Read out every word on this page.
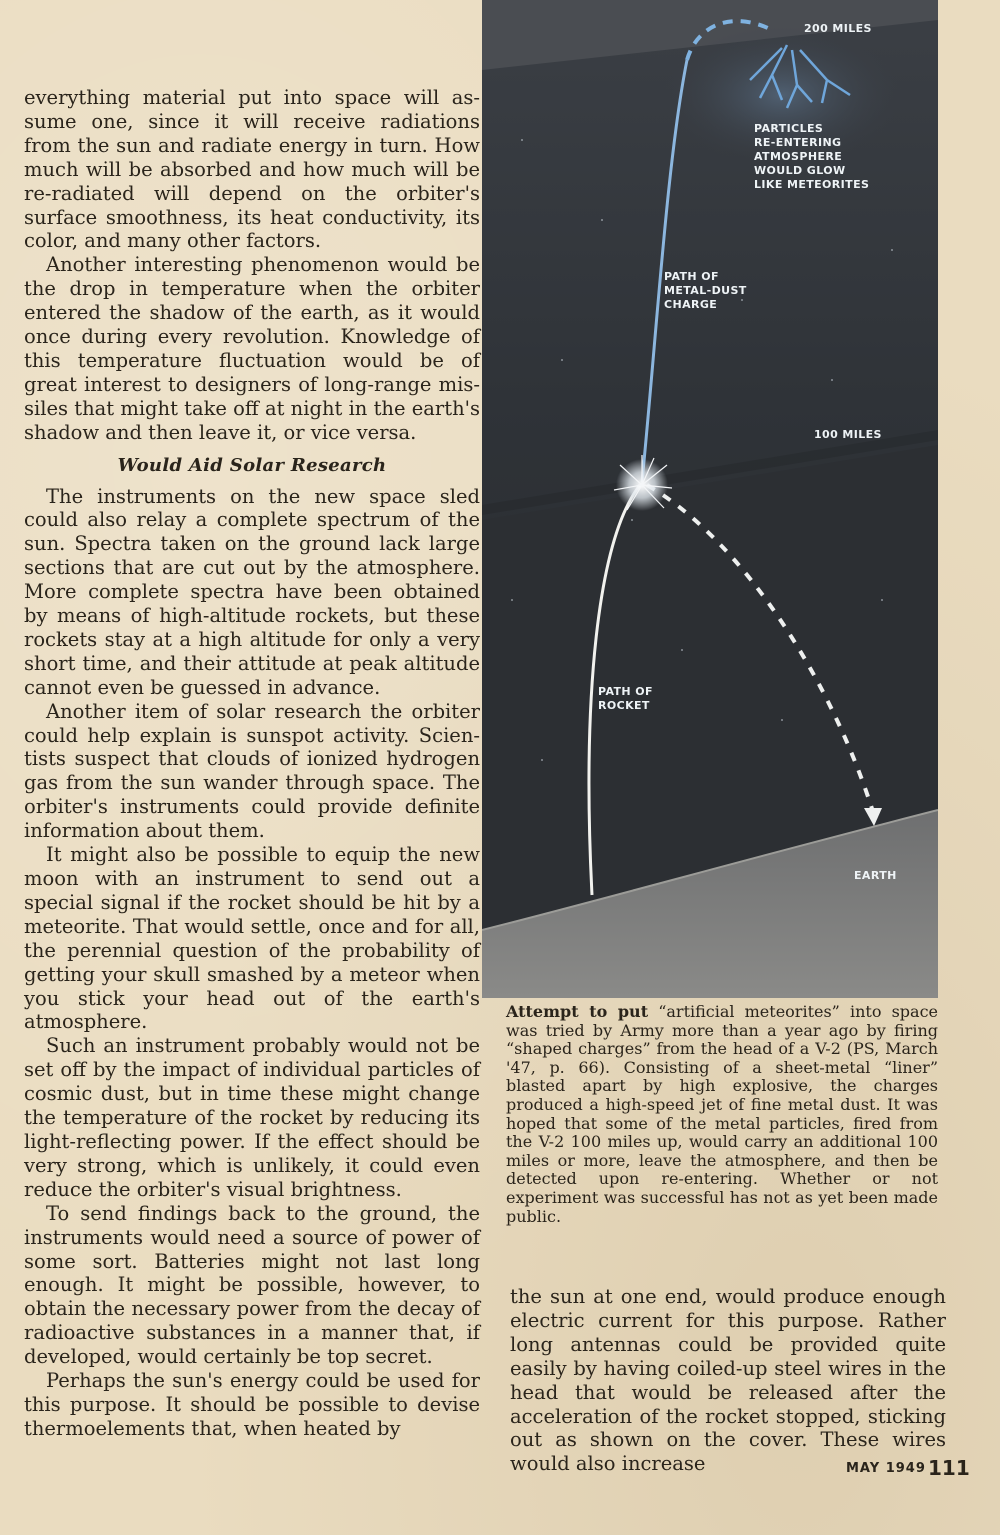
everything material put into space will assume one, since it will receive radiations from the sun and radiate energy in turn. How much will be absorbed and how much will be re-radiated will depend on the orbiter's surface smoothness, its heat conductivity, its color, and many other factors.

Another interesting phenomenon would be the drop in temperature when the orbiter entered the shadow of the earth, as it would once during every revolution. Knowledge of this temperature fluctuation would be of great interest to designers of long-range missiles that might take off at night in the earth's shadow and then leave it, or vice versa.

Would Aid Solar Research

The instruments on the new space sled could also relay a complete spectrum of the sun. Spectra taken on the ground lack large sections that are cut out by the atmosphere. More complete spectra have been obtained by means of high-altitude rockets, but these rockets stay at a high altitude for only a very short time, and their attitude at peak altitude cannot even be guessed in advance.

Another item of solar research the orbiter could help explain is sunspot activity. Scientists suspect that clouds of ionized hydrogen gas from the sun wander through space. The orbiter's instruments could provide definite information about them.

It might also be possible to equip the new moon with an instrument to send out a special signal if the rocket should be hit by a meteorite. That would settle, once and for all, the perennial question of the probability of getting your skull smashed by a meteor when you stick your head out of the earth's atmosphere.

Such an instrument probably would not be set off by the impact of individual particles of cosmic dust, but in time these might change the temperature of the rocket by reducing its light-reflecting power. If the effect should be very strong, which is unlikely, it could even reduce the orbiter's visual brightness.

To send findings back to the ground, the instruments would need a source of power of some sort. Batteries might not last long enough. It might be possible, however, to obtain the necessary power from the decay of radioactive substances in a manner that, if developed, would certainly be top secret.

Perhaps the sun's energy could be used for this purpose. It should be possible to devise thermoelements that, when heated by

200 MILES
PARTICLES
RE-ENTERING
ATMOSPHERE
WOULD GLOW
LIKE METEORITES
PATH OF
METAL-DUST
CHARGE
100 MILES
PATH OF
ROCKET
EARTH
Attempt to put “artificial meteorites” into space was tried by Army more than a year ago by firing “shaped charges” from the head of a V-2 (PS, March '47, p. 66). Consisting of a sheet-metal “liner” blasted apart by high explosive, the charges produced a high-speed jet of fine metal dust. It was hoped that some of the metal particles, fired from the V-2 100 miles up, would carry an additional 100 miles or more, leave the atmosphere, and then be detected upon re-entering. Whether or not experiment was successful has not as yet been made public.

the sun at one end, would produce enough electric current for this purpose. Rather long antennas could be provided quite easily by having coiled-up steel wires in the head that would be released after the acceleration of the rocket stopped, sticking out as shown on the cover. These wires would also increase	MAY 1949 111
